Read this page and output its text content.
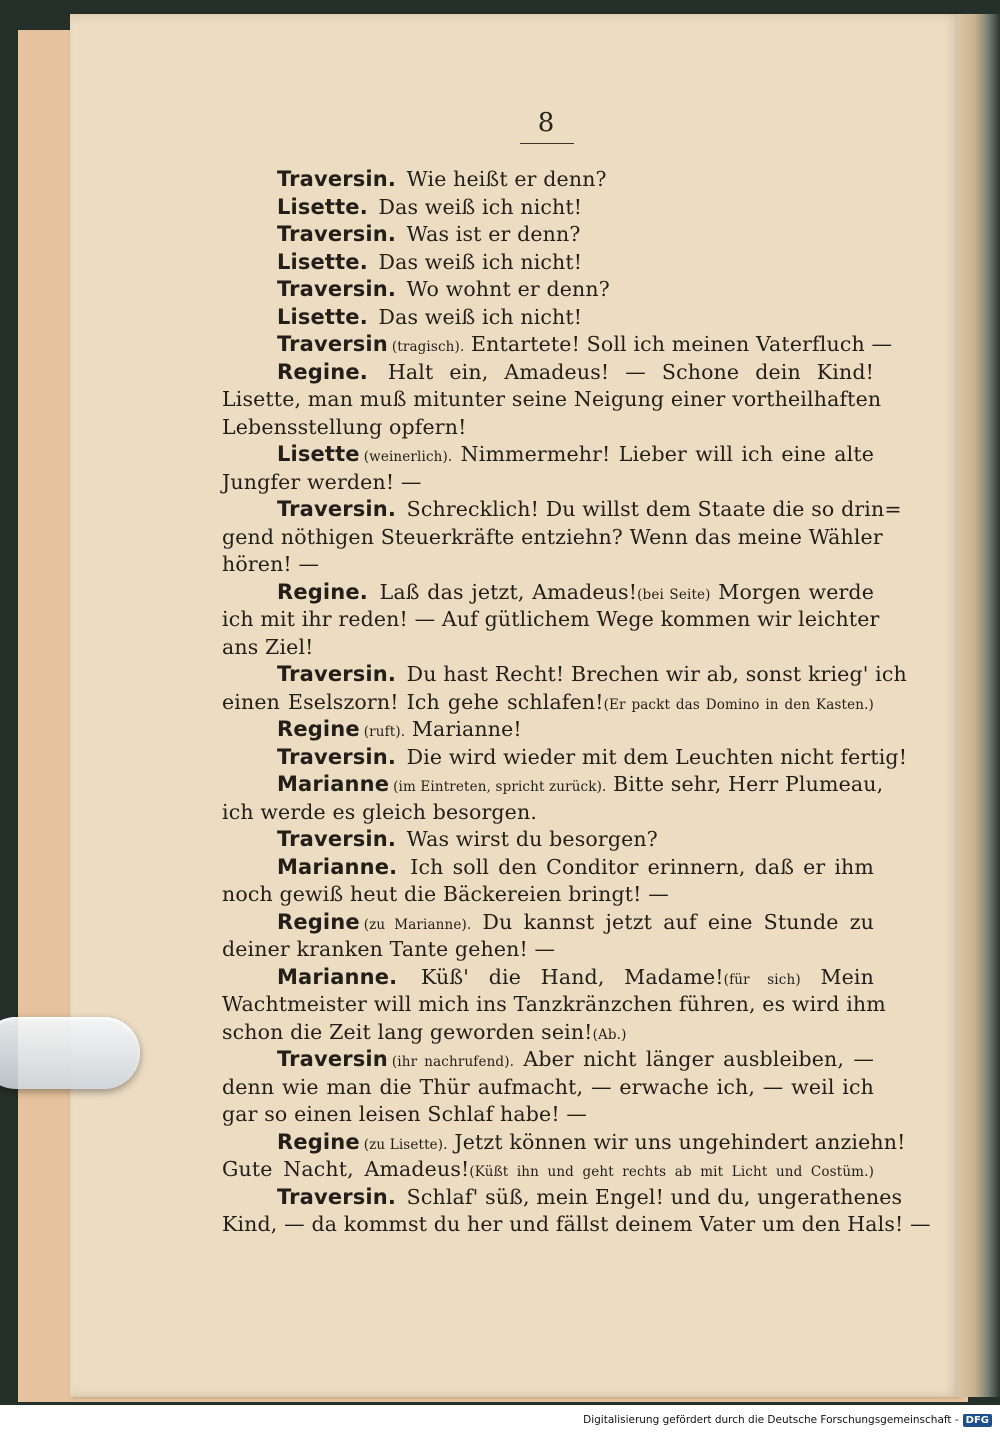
8
Traversin. Wie heißt er denn?
Lisette. Das weiß ich nicht!
Traversin. Was ist er denn?
Lisette. Das weiß ich nicht!
Traversin. Wo wohnt er denn?
Lisette. Das weiß ich nicht!
Traversin (tragisch). Entartete! Soll ich meinen Vaterfluch —
Regine. Halt ein, Amadeus! — Schone dein Kind!
Lisette, man muß mitunter seine Neigung einer vortheilhaften
Lebensstellung opfern!
Lisette (weinerlich). Nimmermehr! Lieber will ich eine alte
Jungfer werden! —
Traversin. Schrecklich! Du willst dem Staate die so drin=
gend nöthigen Steuerkräfte entziehn? Wenn das meine Wähler
hören! —
Regine. Laß das jetzt, Amadeus!(bei Seite) Morgen werde
ich mit ihr reden! — Auf gütlichem Wege kommen wir leichter
ans Ziel!
Traversin. Du hast Recht! Brechen wir ab, sonst krieg' ich
einen Eselszorn! Ich gehe schlafen!(Er packt das Domino in den Kasten.)
Regine (ruft). Marianne!
Traversin. Die wird wieder mit dem Leuchten nicht fertig!
Marianne (im Eintreten, spricht zurück). Bitte sehr, Herr Plumeau,
ich werde es gleich besorgen.
Traversin. Was wirst du besorgen?
Marianne. Ich soll den Conditor erinnern, daß er ihm
noch gewiß heut die Bäckereien bringt! —
Regine (zu Marianne). Du kannst jetzt auf eine Stunde zu
deiner kranken Tante gehen! —
Marianne. Küß' die Hand, Madame!(für sich) Mein
Wachtmeister will mich ins Tanzkränzchen führen, es wird ihm
schon die Zeit lang geworden sein!(Ab.)
Traversin (ihr nachrufend). Aber nicht länger ausbleiben, —
denn wie man die Thür aufmacht, — erwache ich, — weil ich
gar so einen leisen Schlaf habe! —
Regine (zu Lisette). Jetzt können wir uns ungehindert anziehn!
Gute Nacht, Amadeus!(Küßt ihn und geht rechts ab mit Licht und Costüm.)
Traversin. Schlaf' süß, mein Engel! und du, ungerathenes
Kind, — da kommst du her und fällst deinem Vater um den Hals! —
Digitalisierung gefördert durch die Deutsche Forschungsgemeinschaft - DFG
